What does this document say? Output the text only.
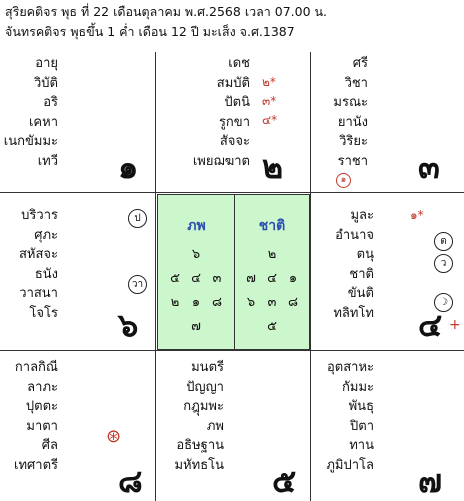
สุริยคติจร พุธ ที่ 22 เดือนตุลาคม พ.ศ.2568 เวลา 07.00 น.
จันทรคติจร พุธขึ้น 1 ค่ำ เดือน 12 ปี มะเส็ง จ.ศ.1387
อายุ
วิบัติ
อริ
เคหา
เนกขัมมะ
เทวี ๑
เดช
สมบัติ
ปัตนิ
รูกขา
สัจจะ
เพยฌฆาต
๒*
๓*
๔*
๒
ศรี
วิชา
มรณะ
ยานัง
วิริยะ
ราชา
๑ ๓
บริวาร
ศุภะ
สหัสจะ
ธนัง
วาสนา
โจโร
ป
วา
๖
ภพ
๖
๕ ๔ ๓
๒ ๑ ๘
๗
ชาติ
๒
๗ ๔ ๑
๖ ๓ ๘
๕
มูละ
อำนาจ
ตนุ
ชาติ
ขันติ
ทลิทโท
๑*
ต
ว
☽
๔ +
กาลกิณี
ลาภะ
ปุตตะ
มาตา
ศีล
เทศาตรี
⊛
๘
มนตรี
ปัญญา
กฎุมพะ
ภพ
อธิษฐาน
มหัทธโน ๕
อุตสาหะ
กัมมะ
พันธุ
ปิตา
ทาน
ภูมิปาโล ๗
